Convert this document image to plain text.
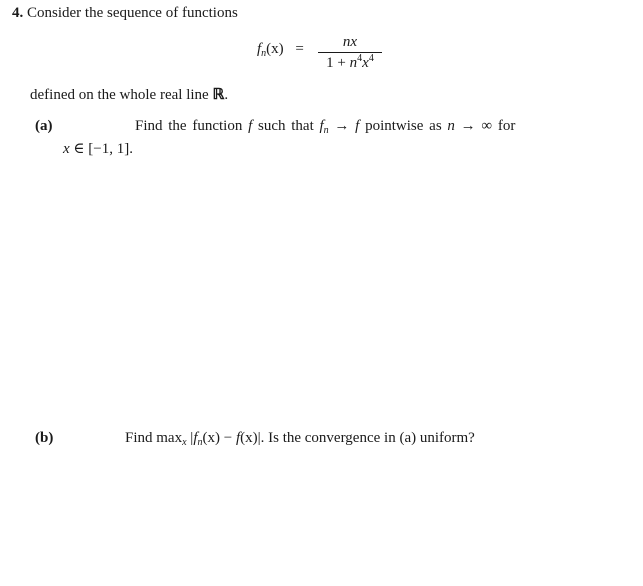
4. Consider the sequence of functions
$f_n(x)$ =	nx
$1 + n^4x^4$
defined on the whole real line ℝ.
(a)	Find the function f such that $f_n \to f$ pointwise as n → ∞ for
x ∈ [−1, 1].
(b)	Find $\max_x |f_n(x) - f(x)|$. Is the convergence in (a) uniform?
